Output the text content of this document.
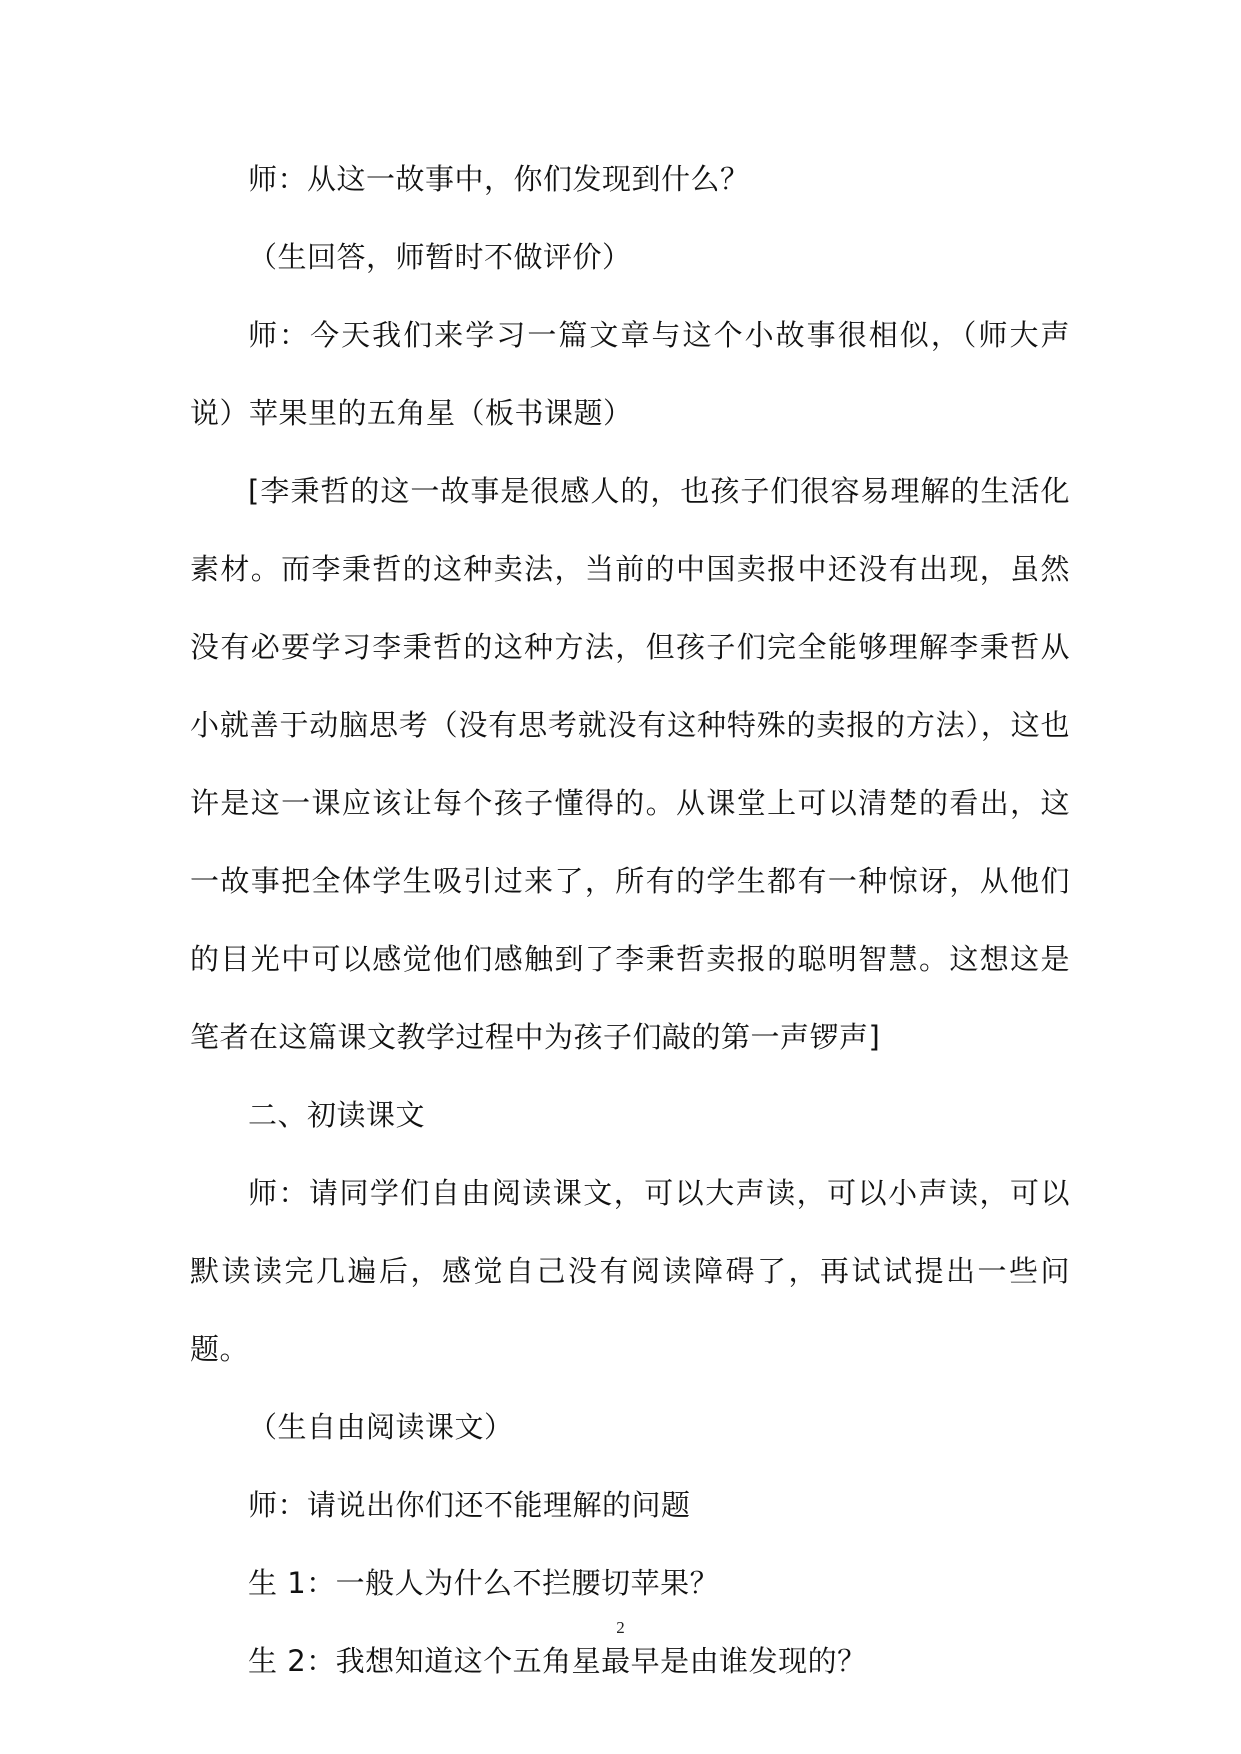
师：从这一故事中，你们发现到什么？

（生回答，师暂时不做评价）

师：今天我们来学习一篇文章与这个小故事很相似，（师大声说）苹果里的五角星（板书课题）

[李秉哲的这一故事是很感人的，也孩子们很容易理解的生活化素材。而李秉哲的这种卖法，当前的中国卖报中还没有出现，虽然没有必要学习李秉哲的这种方法，但孩子们完全能够理解李秉哲从小就善于动脑思考（没有思考就没有这种特殊的卖报的方法），这也许是这一课应该让每个孩子懂得的。从课堂上可以清楚的看出，这一故事把全体学生吸引过来了，所有的学生都有一种惊讶，从他们的目光中可以感觉他们感触到了李秉哲卖报的聪明智慧。这想这是笔者在这篇课文教学过程中为孩子们敲的第一声锣声]

二、初读课文

师：请同学们自由阅读课文，可以大声读，可以小声读，可以默读读完几遍后，感觉自己没有阅读障碍了，再试试提出一些问题。

（生自由阅读课文）

师：请说出你们还不能理解的问题

生 1：一般人为什么不拦腰切苹果？

生 2：我想知道这个五角星最早是由谁发现的？

2
